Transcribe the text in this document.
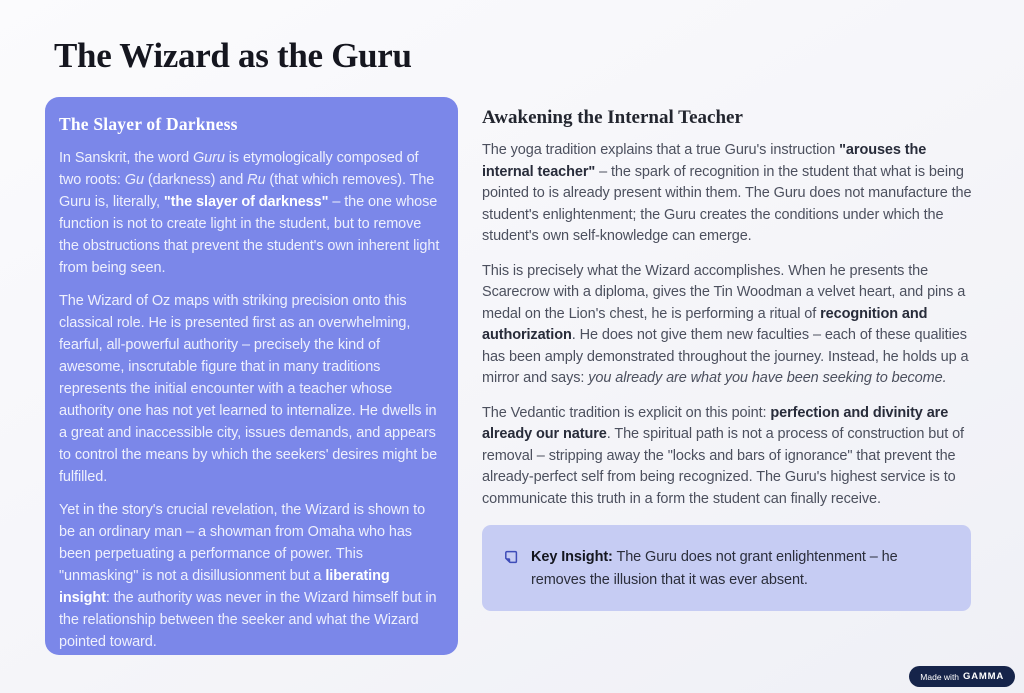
The Wizard as the Guru
The Slayer of Darkness

In Sanskrit, the word Guru is etymologically composed of two roots: Gu (darkness) and Ru (that which removes). The Guru is, literally, "the slayer of darkness" – the one whose function is not to create light in the student, but to remove the obstructions that prevent the student's own inherent light from being seen.

The Wizard of Oz maps with striking precision onto this classical role. He is presented first as an overwhelming, fearful, all-powerful authority – precisely the kind of awesome, inscrutable figure that in many traditions represents the initial encounter with a teacher whose authority one has not yet learned to internalize. He dwells in a great and inaccessible city, issues demands, and appears to control the means by which the seekers' desires might be fulfilled.

Yet in the story's crucial revelation, the Wizard is shown to be an ordinary man – a showman from Omaha who has been perpetuating a performance of power. This "unmasking" is not a disillusionment but a liberating insight: the authority was never in the Wizard himself but in the relationship between the seeker and what the Wizard pointed toward.

Awakening the Internal Teacher

The yoga tradition explains that a true Guru's instruction "arouses the internal teacher" – the spark of recognition in the student that what is being pointed to is already present within them. The Guru does not manufacture the student's enlightenment; the Guru creates the conditions under which the student's own self-knowledge can emerge.

This is precisely what the Wizard accomplishes. When he presents the Scarecrow with a diploma, gives the Tin Woodman a velvet heart, and pins a medal on the Lion's chest, he is performing a ritual of recognition and authorization. He does not give them new faculties – each of these qualities has been amply demonstrated throughout the journey. Instead, he holds up a mirror and says: you already are what you have been seeking to become.

The Vedantic tradition is explicit on this point: perfection and divinity are already our nature. The spiritual path is not a process of construction but of removal – stripping away the "locks and bars of ignorance" that prevent the already-perfect self from being recognized. The Guru's highest service is to communicate this truth in a form the student can finally receive.

Key Insight: The Guru does not grant enlightenment – he removes the illusion that it was ever absent.
Made with GAMMA
